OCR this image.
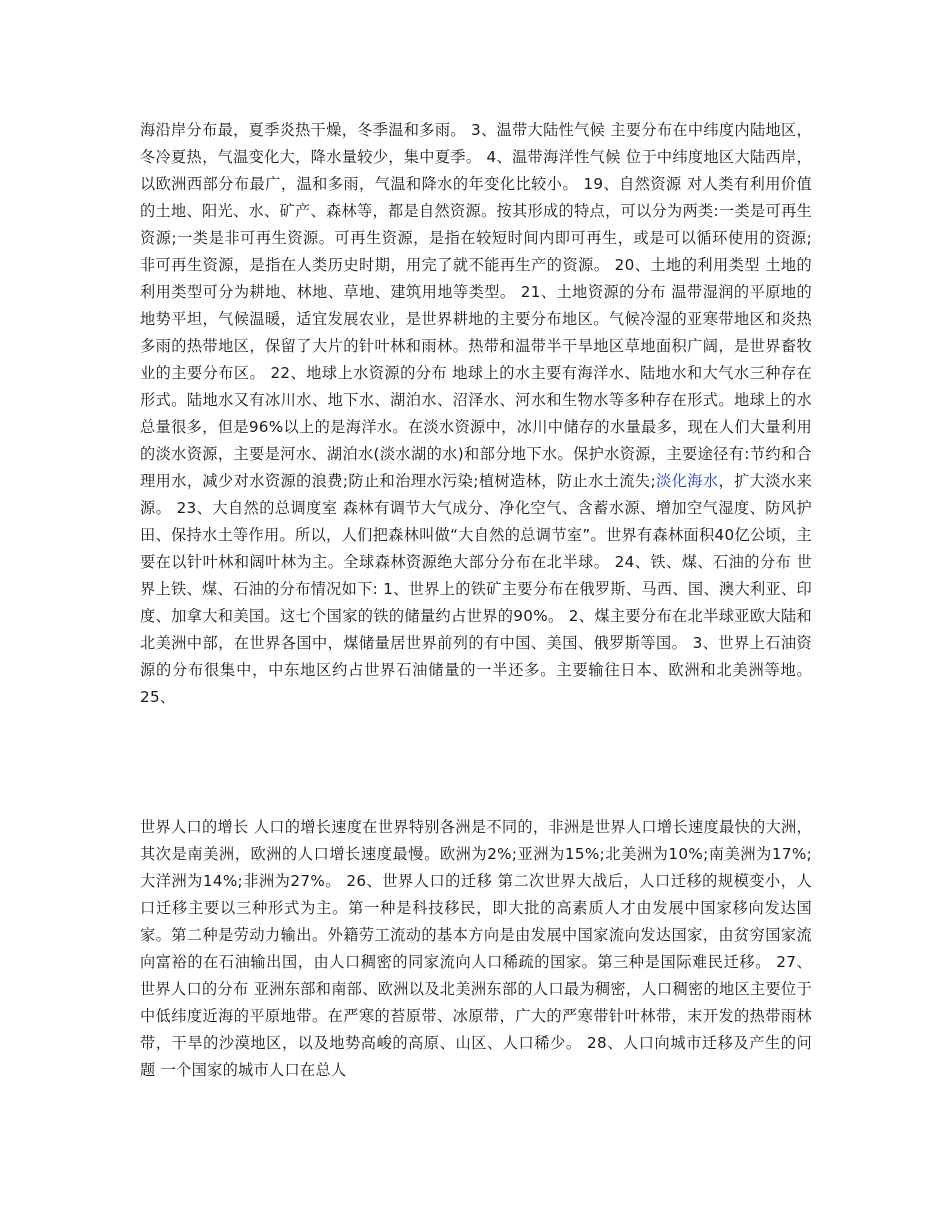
海沿岸分布最，夏季炎热干燥，冬季温和多雨。 3、温带大陆性气候 主要分布在中纬度内陆地区，冬冷夏热，气温变化大，降水量较少，集中夏季。 4、温带海洋性气候 位于中纬度地区大陆西岸，以欧洲西部分布最广，温和多雨，气温和降水的年变化比较小。 19、自然资源 对人类有利用价值的土地、阳光、水、矿产、森林等，都是自然资源。按其形成的特点，可以分为两类:一类是可再生资源;一类是非可再生资源。可再生资源，是指在较短时间内即可再生，或是可以循环使用的资源;非可再生资源，是指在人类历史时期，用完了就不能再生产的资源。 20、土地的利用类型 土地的利用类型可分为耕地、林地、草地、建筑用地等类型。 21、土地资源的分布 温带湿润的平原地的地势平坦，气候温暖，适宜发展农业，是世界耕地的主要分布地区。气候冷湿的亚寒带地区和炎热多雨的热带地区，保留了大片的针叶林和雨林。热带和温带半干旱地区草地面积广阔，是世界畜牧业的主要分布区。 22、地球上水资源的分布 地球上的水主要有海洋水、陆地水和大气水三种存在形式。陆地水又有冰川水、地下水、湖泊水、沼泽水、河水和生物水等多种存在形式。地球上的水总量很多，但是96%以上的是海洋水。在淡水资源中，冰川中储存的水量最多，现在人们大量利用的淡水资源，主要是河水、湖泊水(淡水湖的水)和部分地下水。保护水资源，主要途径有:节约和合理用水，减少对水资源的浪费;防止和治理水污染;植树造林，防止水土流失;淡化海水，扩大淡水来源。 23、大自然的总调度室 森林有调节大气成分、净化空气、含蓄水源、增加空气湿度、防风护田、保持水土等作用。所以，人们把森林叫做“大自然的总调节室”。世界有森林面积40亿公顷，主要在以针叶林和阔叶林为主。全球森林资源绝大部分分布在北半球。 24、铁、煤、石油的分布 世界上铁、煤、石油的分布情况如下: 1、世界上的铁矿主要分布在俄罗斯、马西、国、澳大利亚、印度、加拿大和美国。这七个国家的铁的储量约占世界的90%。 2、煤主要分布在北半球亚欧大陆和北美洲中部，在世界各国中，煤储量居世界前列的有中国、美国、俄罗斯等国。 3、世界上石油资源的分布很集中，中东地区约占世界石油储量的一半还多。主要输往日本、欧洲和北美洲等地。 25、

世界人口的增长 人口的增长速度在世界特别各洲是不同的，非洲是世界人口增长速度最快的大洲，其次是南美洲，欧洲的人口增长速度最慢。欧洲为2%;亚洲为15%;北美洲为10%;南美洲为17%;大洋洲为14%;非洲为27%。 26、世界人口的迁移 第二次世界大战后，人口迁移的规模变小，人口迁移主要以三种形式为主。第一种是科技移民，即大批的高素质人才由发展中国家移向发达国家。第二种是劳动力输出。外籍劳工流动的基本方向是由发展中国家流向发达国家，由贫穷国家流向富裕的在石油输出国，由人口稠密的同家流向人口稀疏的国家。第三种是国际难民迁移。 27、世界人口的分布 亚洲东部和南部、欧洲以及北美洲东部的人口最为稠密，人口稠密的地区主要位于中低纬度近海的平原地带。在严寒的苔原带、冰原带，广大的严寒带针叶林带，末开发的热带雨林带，干旱的沙漠地区，以及地势高峻的高原、山区、人口稀少。 28、人口向城市迁移及产生的问题 一个国家的城市人口在总人
